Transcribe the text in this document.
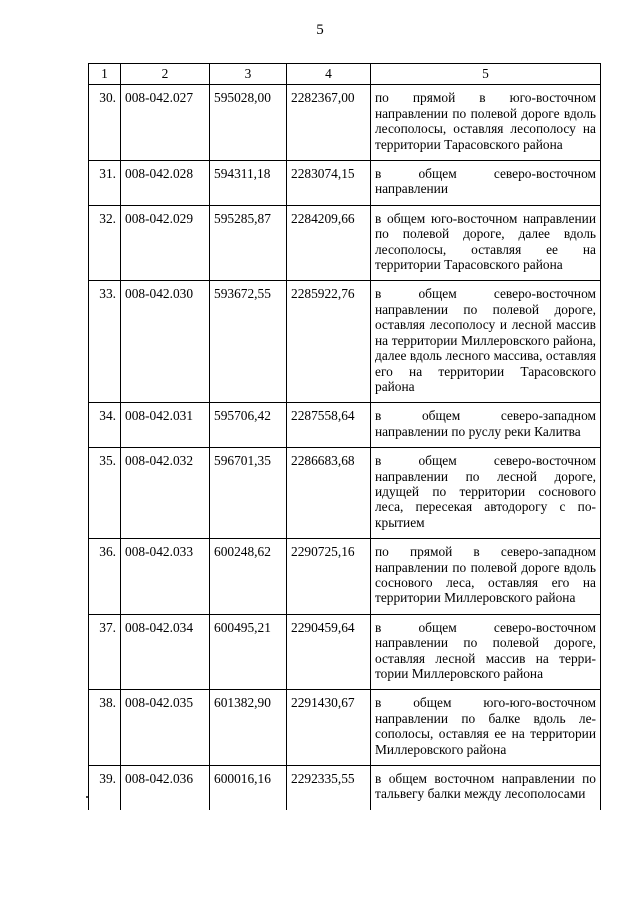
5
1	2	3	4	5
30.	008-042.027	595028,00	2282367,00	по прямой в юго-восточном направлении по полевой дороге вдоль лесополосы, оставляя лесополосу на территории Тарасовского района
31.	008-042.028	594311,18	2283074,15	в общем северо-восточном направлении
32.	008-042.029	595285,87	2284209,66	в общем юго-восточном направлении по полевой дороге, далее вдоль лесополосы, оставляя ее на территории Тарасовского района
33.	008-042.030	593672,55	2285922,76	в общем северо-восточном направлении по полевой дороге, оставляя лесополосу и лесной массив на территории Миллеровского района, далее вдоль лесного массива, оставляя его на территории Тарасовского района
34.	008-042.031	595706,42	2287558,64	в общем северо-западном направлении по руслу реки Калитва
35.	008-042.032	596701,35	2286683,68	в общем северо-восточном направлении по лесной дороге, идущей по территории соснового леса, пересекая автодорогу с покрытием
36.	008-042.033	600248,62	2290725,16	по прямой в северо-западном направлении по полевой дороге вдоль соснового леса, оставляя его на территории Миллеровского района
37.	008-042.034	600495,21	2290459,64	в общем северо-восточном направлении по полевой дороге, оставляя лесной массив на территории Миллеровского района
38.	008-042.035	601382,90	2291430,67	в общем юго-юго-восточном направлении по балке вдоль лесополосы, оставляя ее на территории Миллеровского района
39.	008-042.036	600016,16	2292335,55	в общем восточном направлении по тальвегу балки между лесополосами
